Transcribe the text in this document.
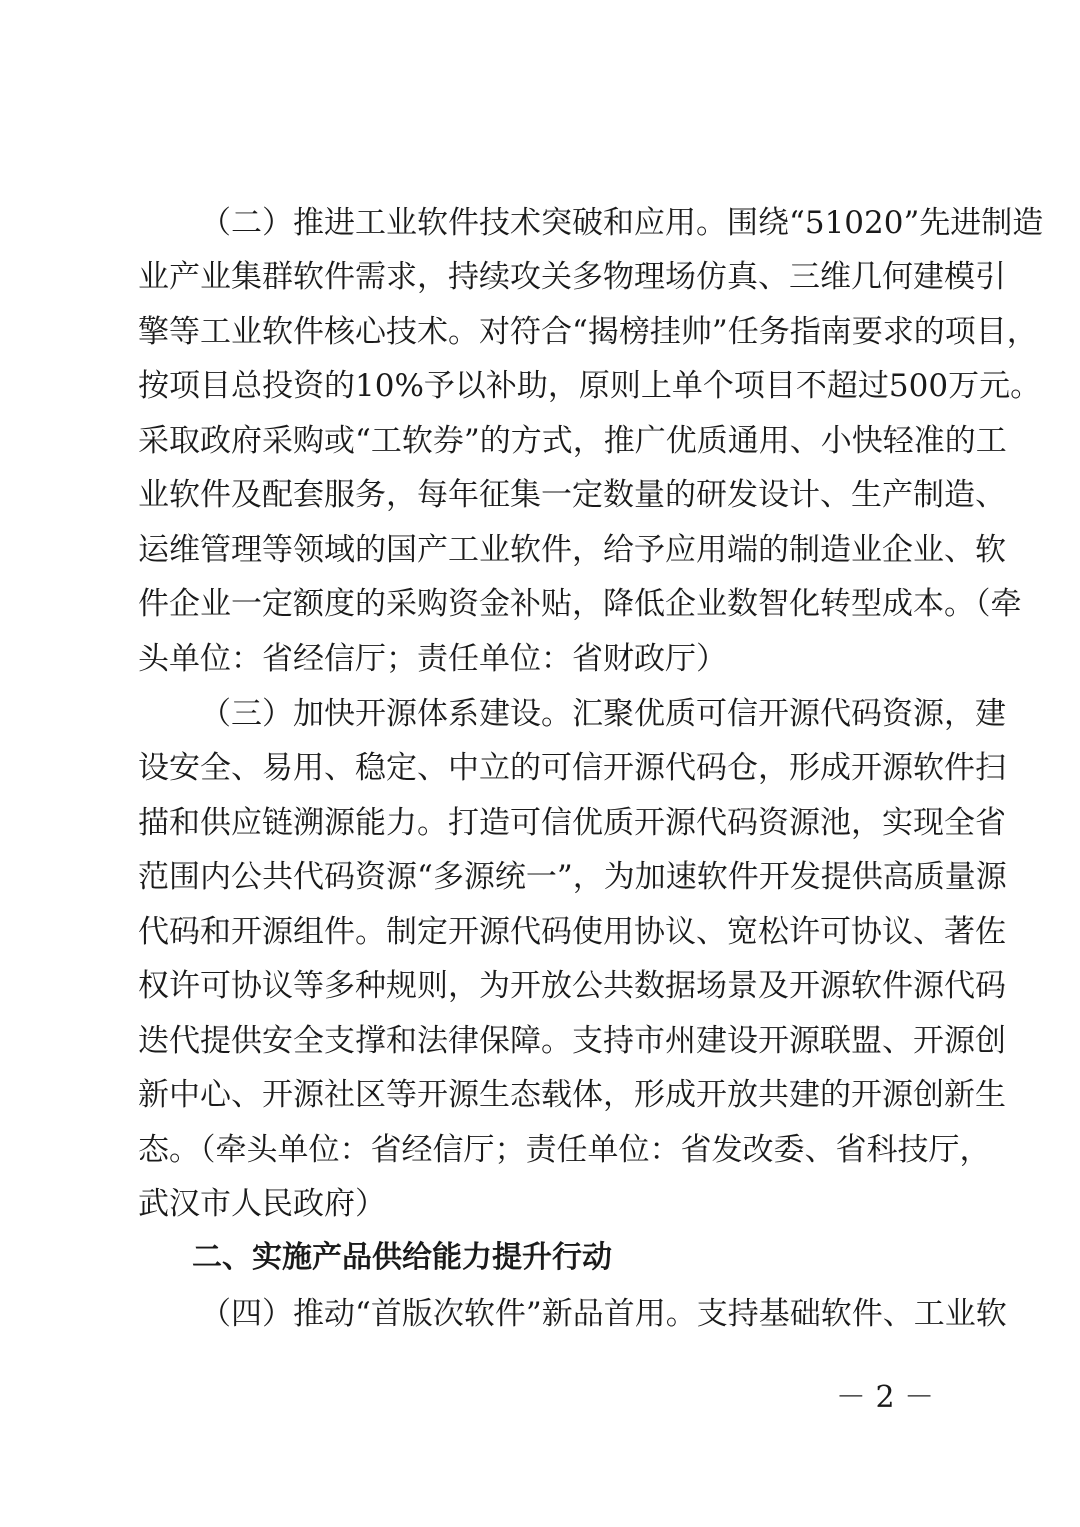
（二）推进工业软件技术突破和应用。围绕“51020”先进制造
业产业集群软件需求，持续攻关多物理场仿真、三维几何建模引
擎等工业软件核心技术。对符合“揭榜挂帅”任务指南要求的项目，
按项目总投资的10%予以补助，原则上单个项目不超过500万元。
采取政府采购或“工软券”的方式，推广优质通用、小快轻准的工
业软件及配套服务，每年征集一定数量的研发设计、生产制造、
运维管理等领域的国产工业软件，给予应用端的制造业企业、软
件企业一定额度的采购资金补贴，降低企业数智化转型成本。（牵
头单位：省经信厅；责任单位：省财政厅）
（三）加快开源体系建设。汇聚优质可信开源代码资源，建
设安全、易用、稳定、中立的可信开源代码仓，形成开源软件扫
描和供应链溯源能力。打造可信优质开源代码资源池，实现全省
范围内公共代码资源“多源统一”，为加速软件开发提供高质量源
代码和开源组件。制定开源代码使用协议、宽松许可协议、著佐
权许可协议等多种规则，为开放公共数据场景及开源软件源代码
迭代提供安全支撑和法律保障。支持市州建设开源联盟、开源创
新中心、开源社区等开源生态载体，形成开放共建的开源创新生
态。（牵头单位：省经信厅；责任单位：省发改委、省科技厅，
武汉市人民政府）
二、实施产品供给能力提升行动
（四）推动“首版次软件”新品首用。支持基础软件、工业软
－ 2 －
